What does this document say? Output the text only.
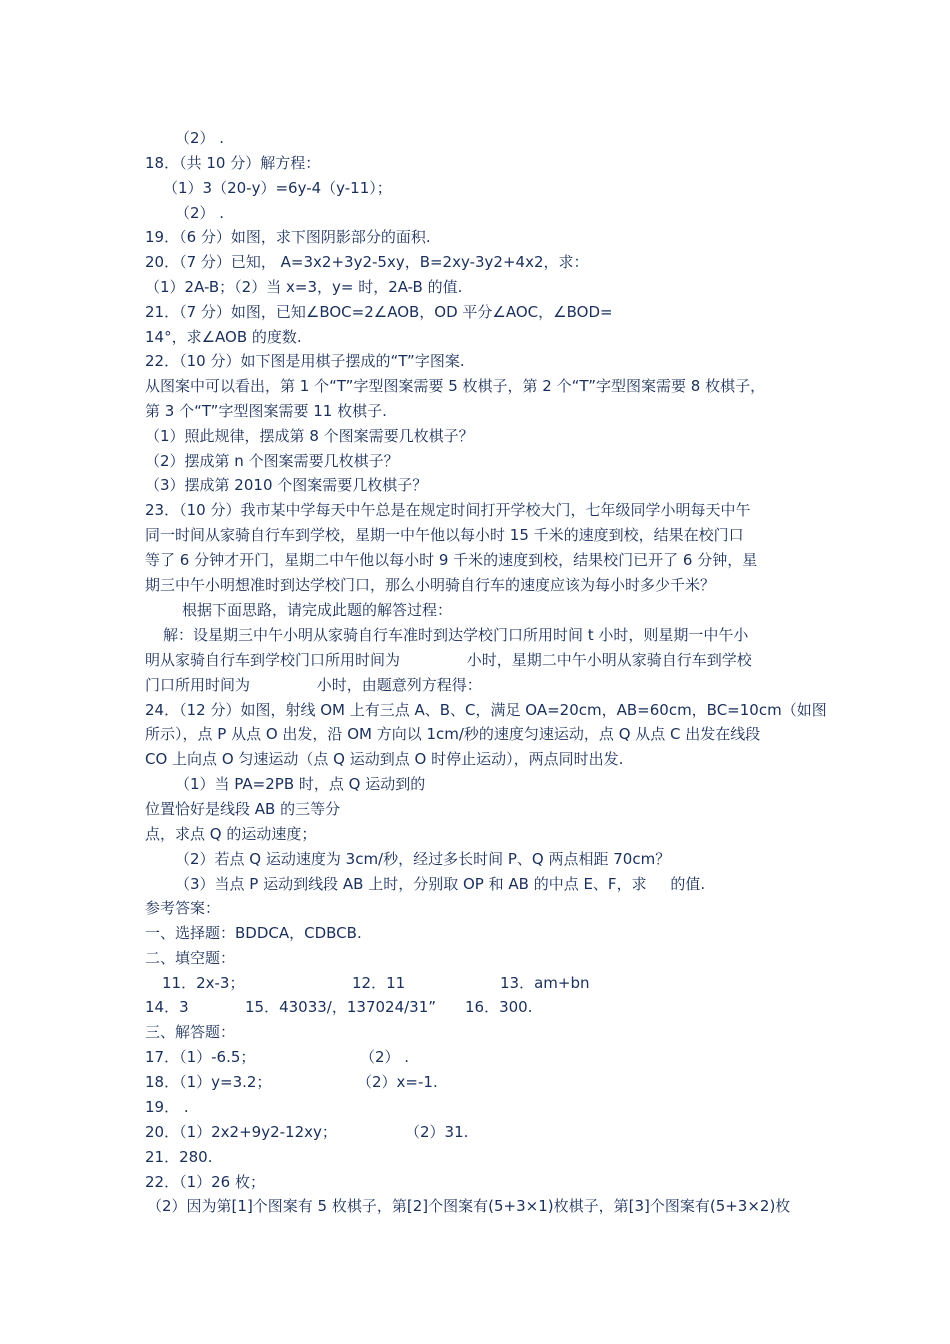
（2） .
18．（共 10 分）解方程：
（1）3（20-y）=6y-4（y-11）；
（2） .
19．（6 分）如图，求下图阴影部分的面积.
20．（7 分）已知， A=3x2+3y2-5xy，B=2xy-3y2+4x2，求：
（1）2A-B；（2）当 x=3，y= 时，2A-B 的值.
21．（7 分）如图，已知∠BOC=2∠AOB，OD 平分∠AOC，∠BOD=
14°，求∠AOB 的度数.
22．（10 分）如下图是用棋子摆成的“T”字图案.
从图案中可以看出，第 1 个“T”字型图案需要 5 枚棋子，第 2 个“T”字型图案需要 8 枚棋子，
第 3 个“T”字型图案需要 11 枚棋子.
（1）照此规律，摆成第 8 个图案需要几枚棋子？
（2）摆成第 n 个图案需要几枚棋子？
（3）摆成第 2010 个图案需要几枚棋子？
23．（10 分）我市某中学每天中午总是在规定时间打开学校大门，七年级同学小明每天中午
同一时间从家骑自行车到学校，星期一中午他以每小时 15 千米的速度到校，结果在校门口
等了 6 分钟才开门，星期二中午他以每小时 9 千米的速度到校，结果校门已开了 6 分钟，星
期三中午小明想准时到达学校门口，那么小明骑自行车的速度应该为每小时多少千米？
根据下面思路，请完成此题的解答过程：
解：设星期三中午小明从家骑自行车准时到达学校门口所用时间 t 小时，则星期一中午小
明从家骑自行车到学校门口所用时间为              小时，星期二中午小明从家骑自行车到学校
门口所用时间为              小时，由题意列方程得：
24．（12 分）如图，射线 OM 上有三点 A、B、C，满足 OA=20cm，AB=60cm，BC=10cm（如图
所示），点 P 从点 O 出发，沿 OM 方向以 1cm/秒的速度匀速运动，点 Q 从点 C 出发在线段
CO 上向点 O 匀速运动（点 Q 运动到点 O 时停止运动），两点同时出发.
（1）当 PA=2PB 时，点 Q 运动到的
位置恰好是线段 AB 的三等分
点，求点 Q 的运动速度；
（2）若点 Q 运动速度为 3cm/秒，经过多长时间 P、Q 两点相距 70cm？
（3）当点 P 运动到线段 AB 上时，分别取 OP 和 AB 的中点 E、F，求     的值.
参考答案：
一、选择题：BDDCA，CDBCB.
二、填空题：
11．2x-3；	12．11	13．am+bn
14．3	15．43033/，137024/31” 16．300.
三、解答题：
17．（1）-6.5；	（2） .
18．（1）y=3.2；	（2）x=-1.
19． .
20．（1）2x2+9y2-12xy；	（2）31.
21．280.
22．（1）26 枚；
（2）因为第[1]个图案有 5 枚棋子，第[2]个图案有(5+3×1)枚棋子，第[3]个图案有(5+3×2)枚
